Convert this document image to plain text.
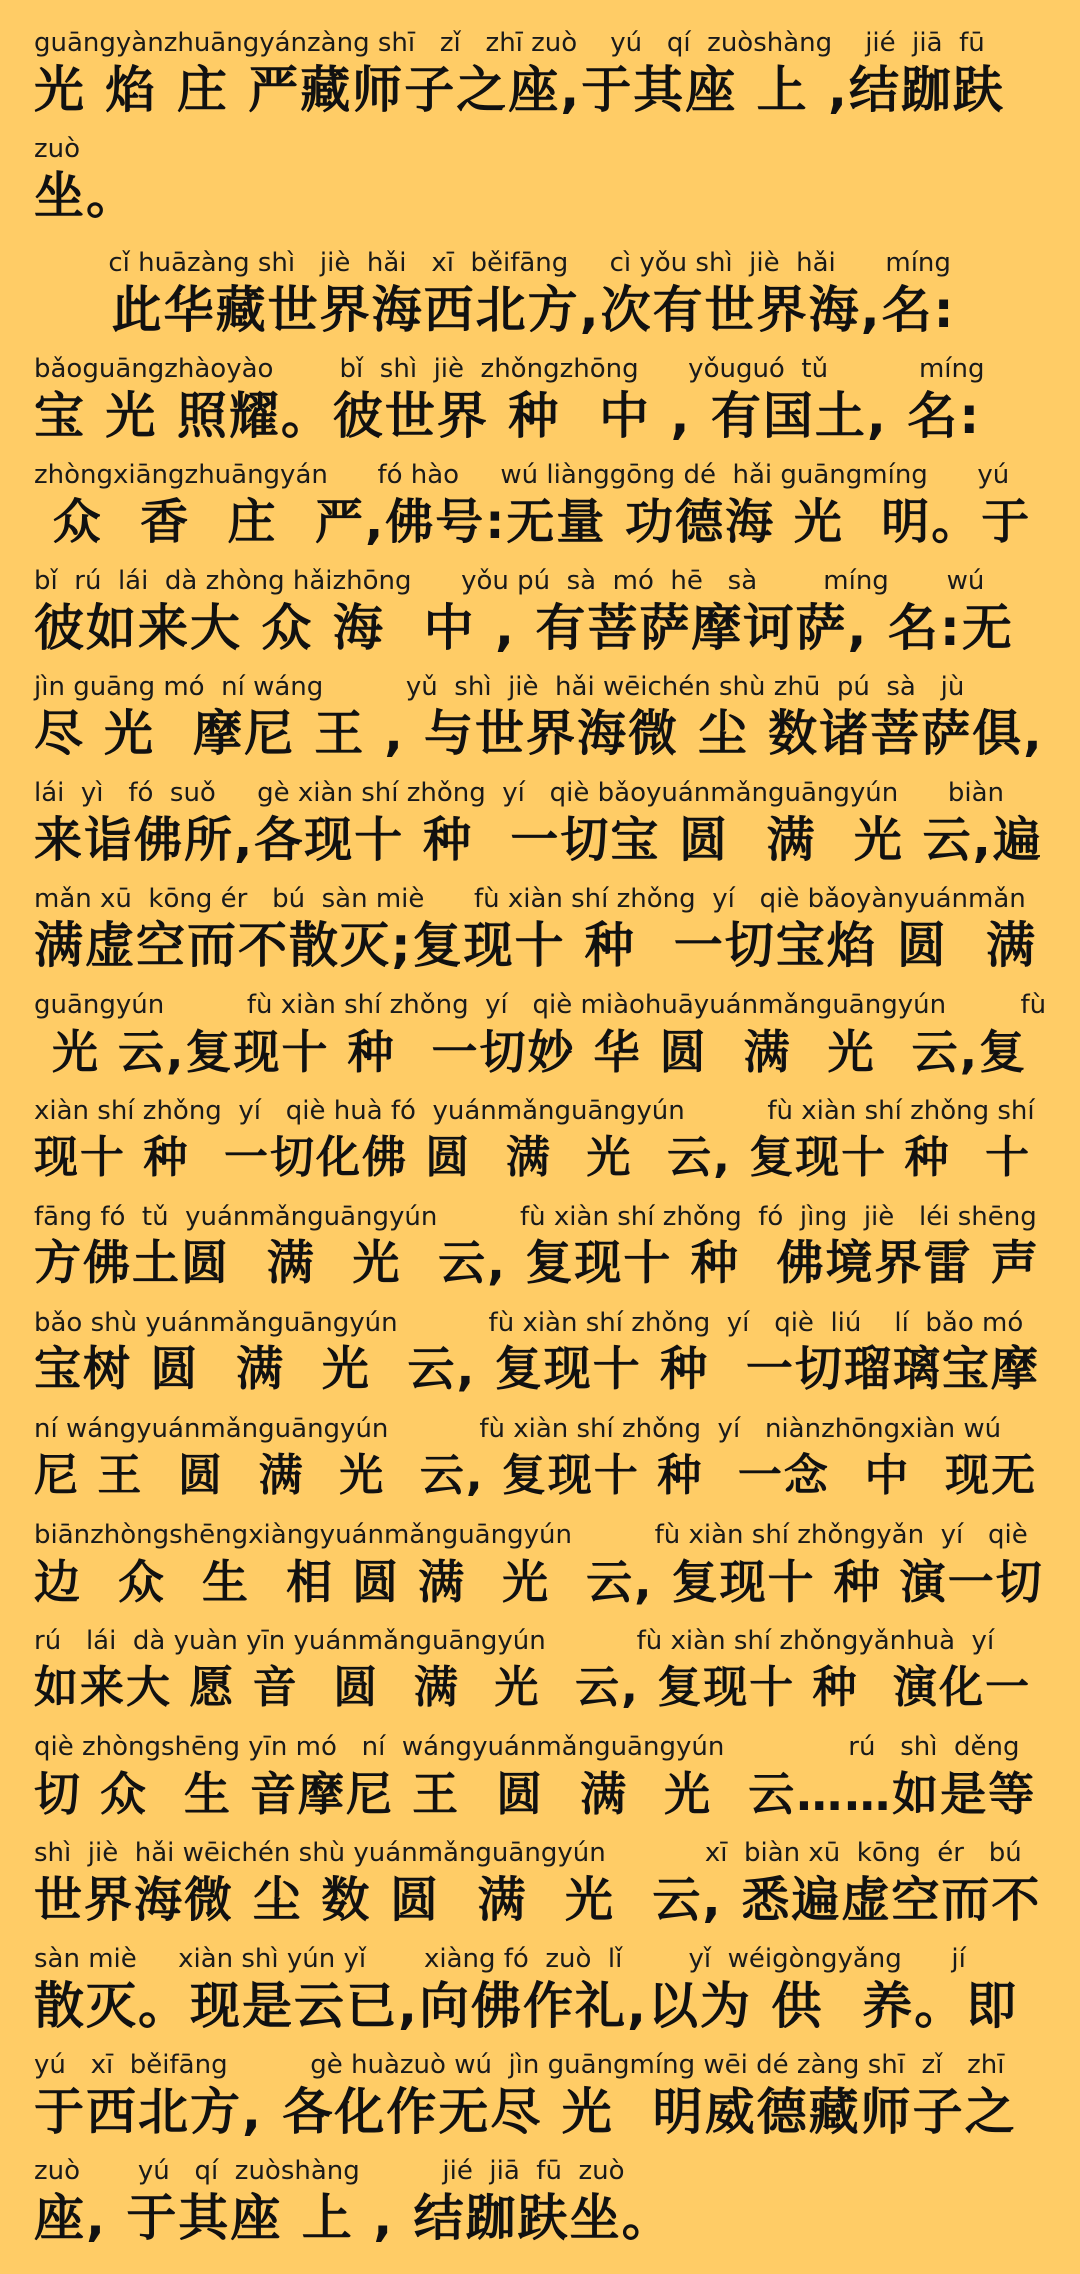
guāngyànzhuāngyánzàng shī   zǐ   zhī zuò    yú   qí  zuòshàng    jié  jiā  fū
光 焰 庄 严藏师子之座,于其座 上 ,结跏趺
zuò
坐。
cǐ huāzàng shì   jiè  hǎi   xī  běifāng     cì yǒu shì  jiè  hǎi      míng
此华藏世界海西北方,次有世界海,名:
bǎoguāngzhàoyào        bǐ  shì  jiè  zhǒngzhōng      yǒuguó  tǔ           míng
宝 光 照耀。彼世界 种  中 , 有国土, 名:
zhòngxiāngzhuāngyán      fó hào     wú liànggōng dé  hǎi guāngmíng      yú
众  香  庄  严,佛号:无量 功德海 光  明。于
bǐ  rú  lái  dà zhòng hǎizhōng      yǒu pú  sà  mó  hē   sà        míng       wú
彼如来大 众 海  中 , 有菩萨摩诃萨, 名:无
jìn guāng mó  ní wáng          yǔ  shì  jiè  hǎi wēichén shù zhū  pú  sà   jù
尽 光  摩尼 王 , 与世界海微 尘 数诸菩萨俱,
lái  yì   fó  suǒ     gè xiàn shí zhǒng  yí   qiè bǎoyuánmǎnguāngyún      biàn
来诣佛所,各现十 种  一切宝 圆  满  光 云,遍
mǎn xū  kōng ér   bú  sàn miè      fù xiàn shí zhǒng  yí   qiè bǎoyànyuánmǎn
满虚空而不散灭;复现十 种  一切宝焰 圆  满
guāngyún          fù xiàn shí zhǒng  yí   qiè miàohuāyuánmǎnguāngyún         fù
光 云,复现十 种  一切妙 华 圆  满  光  云,复
xiàn shí zhǒng  yí   qiè huà fó  yuánmǎnguāngyún          fù xiàn shí zhǒng shí
现十 种  一切化佛 圆  满  光  云, 复现十 种  十
fāng fó  tǔ  yuánmǎnguāngyún          fù xiàn shí zhǒng  fó  jìng  jiè   léi shēng
方佛土圆  满  光  云, 复现十 种  佛境界雷 声
bǎo shù yuánmǎnguāngyún           fù xiàn shí zhǒng  yí   qiè  liú    lí  bǎo mó
宝树 圆  满  光  云, 复现十 种  一切瑠璃宝摩
ní wángyuánmǎnguāngyún           fù xiàn shí zhǒng  yí   niànzhōngxiàn wú
尼 王  圆  满  光  云, 复现十 种  一念  中  现无
biānzhòngshēngxiàngyuánmǎnguāngyún          fù xiàn shí zhǒngyǎn  yí   qiè
边  众  生  相 圆 满  光  云, 复现十 种 演一切
rú   lái  dà yuàn yīn yuánmǎnguāngyún           fù xiàn shí zhǒngyǎnhuà  yí
如来大 愿 音  圆  满  光  云, 复现十 种  演化一
qiè zhòngshēng yīn mó   ní  wángyuánmǎnguāngyún               rú   shì  děng
切 众  生 音摩尼 王  圆  满  光  云……如是等
shì  jiè  hǎi wēichén shù yuánmǎnguāngyún            xī  biàn xū  kōng  ér   bú
世界海微 尘 数 圆  满  光  云, 悉遍虚空而不
sàn miè     xiàn shì yún yǐ       xiàng fó  zuò  lǐ        yǐ  wéigòngyǎng      jí
散灭。现是云已,向佛作礼,以为 供  养。即
yú   xī  běifāng          gè huàzuò wú  jìn guāngmíng wēi dé zàng shī  zǐ   zhī
于西北方, 各化作无尽 光  明威德藏师子之
zuò       yú   qí  zuòshàng          jié  jiā  fū  zuò
座, 于其座 上 , 结跏趺坐。
